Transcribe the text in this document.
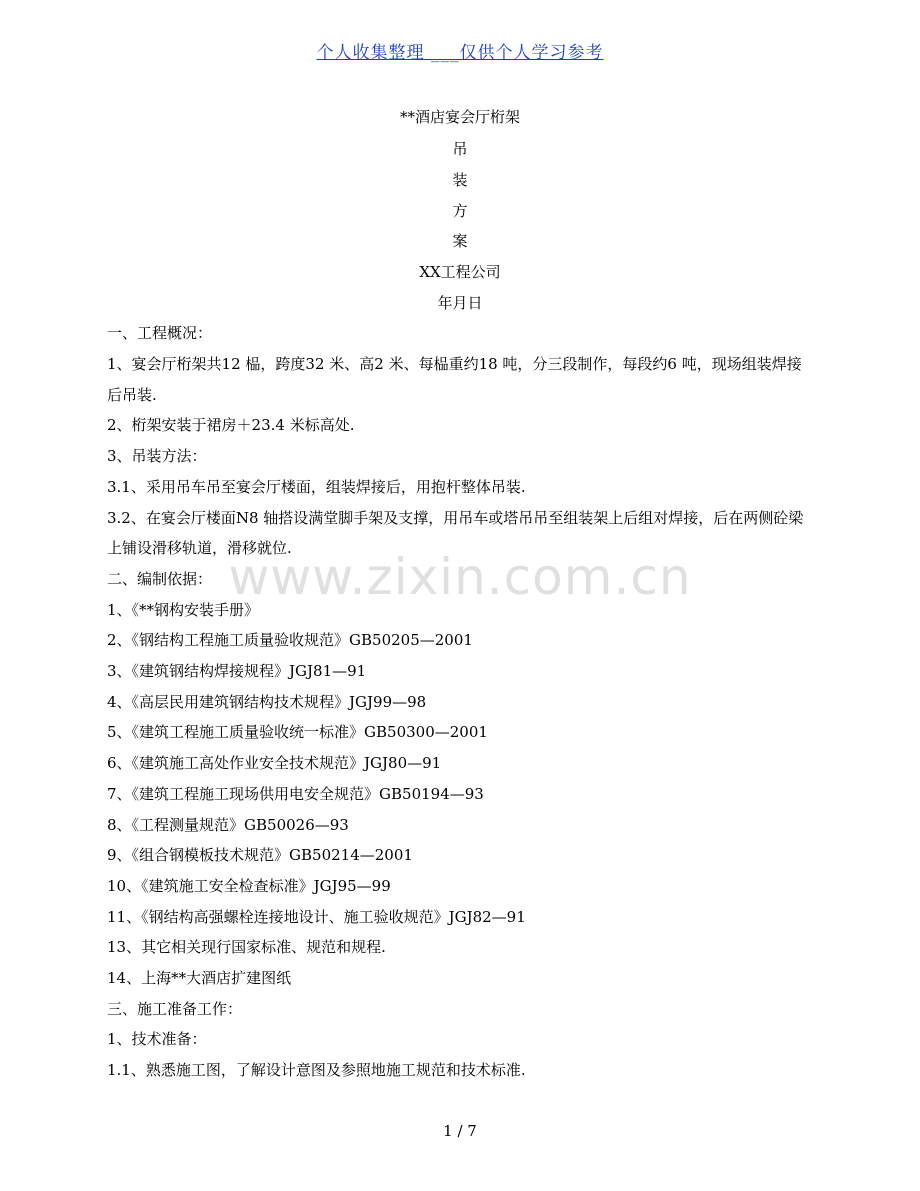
个人收集整理 ___仅供个人学习参考
**酒店宴会厅桁架
吊
装
方
案
XX工程公司
年月日
www.zixin.com.cn
一、工程概况：
1、宴会厅桁架共12 榀，跨度32 米、高2 米、每榀重约18 吨，分三段制作，每段约6 吨，现场组装焊接
后吊装.
2、桁架安装于裙房＋23.4 米标高处.
3、吊装方法：
3.1、采用吊车吊至宴会厅楼面，组装焊接后，用抱杆整体吊装.
3.2、在宴会厅楼面N8 轴搭设满堂脚手架及支撑，用吊车或塔吊吊至组装架上后组对焊接，后在两侧砼梁
上铺设滑移轨道，滑移就位.
二、编制依据：
1、《**钢构安装手册》
2、《钢结构工程施工质量验收规范》GB50205—2001
3、《建筑钢结构焊接规程》JGJ81—91
4、《高层民用建筑钢结构技术规程》JGJ99—98
5、《建筑工程施工质量验收统一标准》GB50300—2001
6、《建筑施工高处作业安全技术规范》JGJ80—91
7、《建筑工程施工现场供用电安全规范》GB50194—93
8、《工程测量规范》GB50026—93
9、《组合钢模板技术规范》GB50214—2001
10、《建筑施工安全检查标准》JGJ95—99
11、《钢结构高强螺栓连接地设计、施工验收规范》JGJ82—91
13、其它相关现行国家标准、规范和规程.
14、上海**大酒店扩建图纸
三、施工准备工作：
1、技术准备：
1.1、熟悉施工图，了解设计意图及参照地施工规范和技术标准.
1 / 7
